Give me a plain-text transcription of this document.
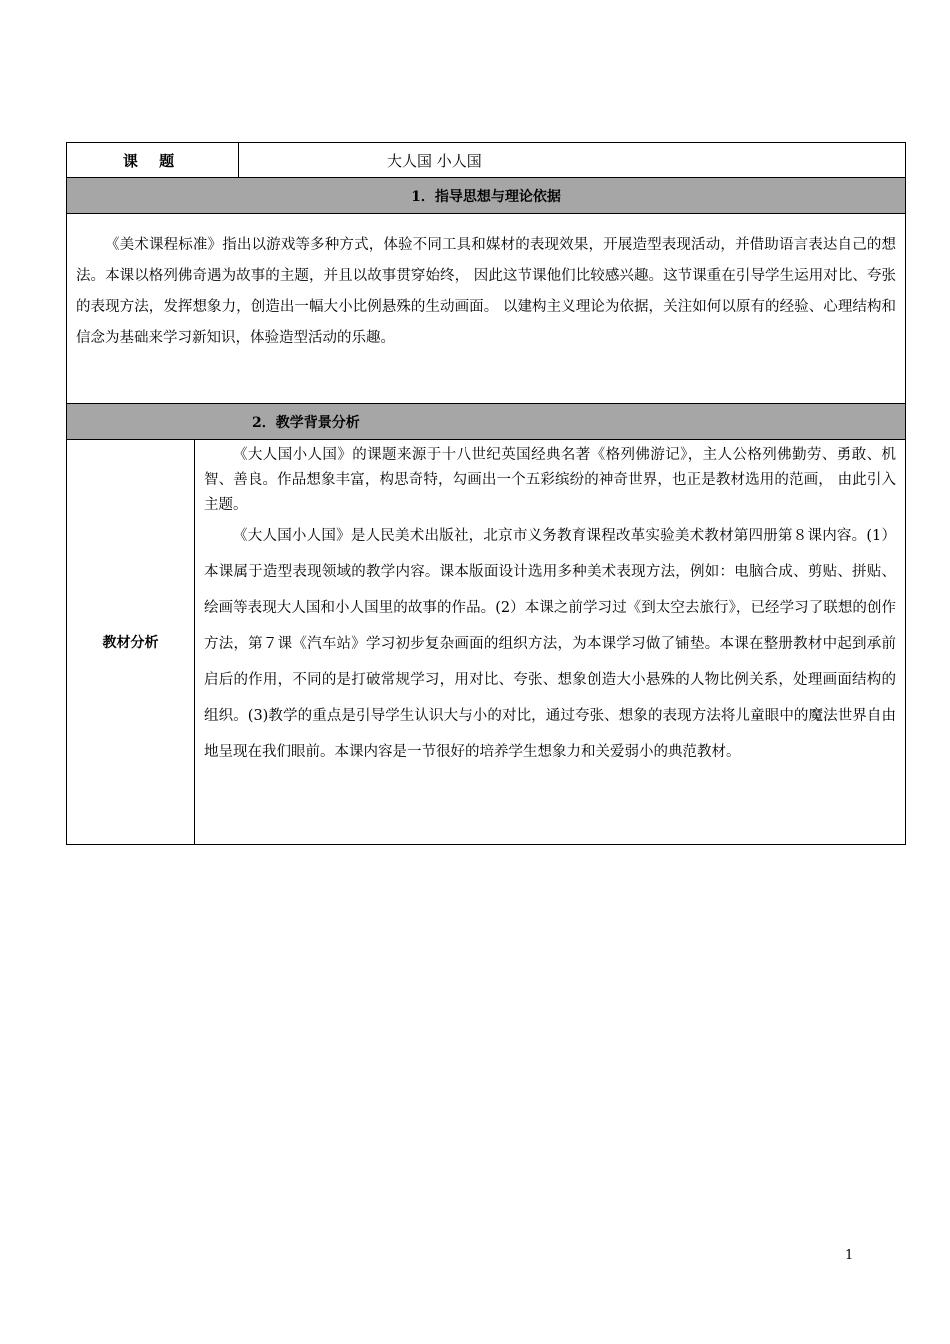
课 题		大人国 小人国
1．指导思想与理论依据		

《美术课程标准》指出以游戏等多种方式，体验不同工具和媒材的表现效果，开展造型表现活动，并借助语言表达自己的想法。本课以格列佛奇遇为故事的主题，并且以故事贯穿始终， 因此这节课他们比较感兴趣。这节课重在引导学生运用对比、夸张的表现方法，发挥想象力，创造出一幅大小比例悬殊的生动画面。 以建构主义理论为依据，关注如何以原有的经验、心理结构和信念为基础来学习新知识，体验造型活动的乐趣。		

2．教学背景分析		
教材分析	《大人国小人国》的课题来源于十八世纪英国经典名著《格列佛游记》，主人公格列佛勤劳、勇敢、机智、善良。作品想象丰富，构思奇特，勾画出一个五彩缤纷的神奇世界，也正是教材选用的范画， 由此引入主题。

《大人国小人国》是人民美术出版社，北京市义务教育课程改革实验美术教材第四册第８课内容。(1）本课属于造型表现领域的教学内容。课本版面设计选用多种美术表现方法，例如：电脑合成、剪贴、拼贴、绘画等表现大人国和小人国里的故事的作品。(2）本课之前学习过《到太空去旅行》，已经学习了联想的创作方法，第７课《汽车站》学习初步复杂画面的组织方法，为本课学习做了铺垫。本课在整册教材中起到承前启后的作用，不同的是打破常规学习，用对比、夸张、想象创造大小悬殊的人物比例关系，处理画面结构的组织。(3)教学的重点是引导学生认识大与小的对比，通过夸张、想象的表现方法将儿童眼中的魔法世界自由地呈现在我们眼前。本课内容是一节很好的培养学生想象力和关爱弱小的典范教材。	

1
